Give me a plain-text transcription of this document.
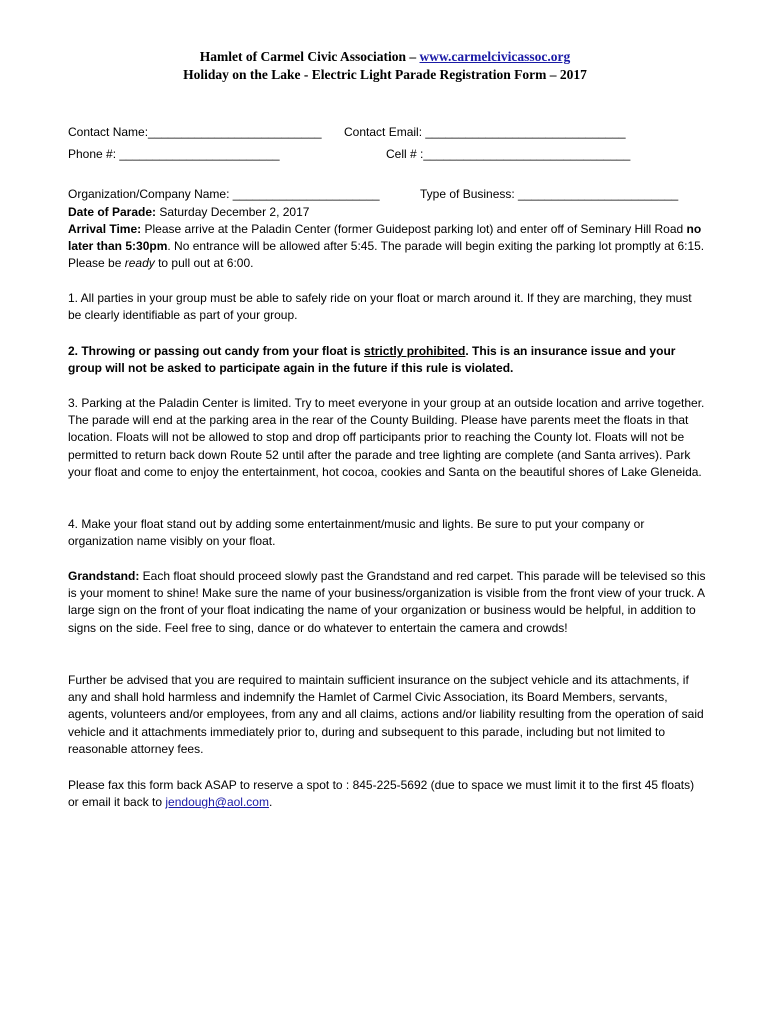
Hamlet of Carmel Civic Association – www.carmelcivicassoc.org
Holiday on the Lake - Electric Light Parade Registration Form – 2017
Contact Name:__________________________ Contact Email: ______________________________
Phone #: ________________________	Cell # :_______________________________
Organization/Company Name: ______________________	Type of Business: ________________________
Date of Parade: Saturday December 2, 2017
Arrival Time: Please arrive at the Paladin Center (former Guidepost parking lot) and enter off of Seminary Hill Road no later than 5:30pm. No entrance will be allowed after 5:45. The parade will begin exiting the parking lot promptly at 6:15. Please be ready to pull out at 6:00.
1. All parties in your group must be able to safely ride on your float or march around it. If they are marching, they must be clearly identifiable as part of your group.
2. Throwing or passing out candy from your float is strictly prohibited. This is an insurance issue and your group will not be asked to participate again in the future if this rule is violated.
3. Parking at the Paladin Center is limited. Try to meet everyone in your group at an outside location and arrive together. The parade will end at the parking area in the rear of the County Building. Please have parents meet the floats in that location. Floats will not be allowed to stop and drop off participants prior to reaching the County lot. Floats will not be permitted to return back down Route 52 until after the parade and tree lighting are complete (and Santa arrives). Park your float and come to enjoy the entertainment, hot cocoa, cookies and Santa on the beautiful shores of Lake Gleneida.
4. Make your float stand out by adding some entertainment/music and lights. Be sure to put your company or organization name visibly on your float.
Grandstand: Each float should proceed slowly past the Grandstand and red carpet. This parade will be televised so this is your moment to shine! Make sure the name of your business/organization is visible from the front view of your truck. A large sign on the front of your float indicating the name of your organization or business would be helpful, in addition to signs on the side. Feel free to sing, dance or do whatever to entertain the camera and crowds!
Further be advised that you are required to maintain sufficient insurance on the subject vehicle and its attachments, if any and shall hold harmless and indemnify the Hamlet of Carmel Civic Association, its Board Members, servants, agents, volunteers and/or employees, from any and all claims, actions and/or liability resulting from the operation of said vehicle and it attachments immediately prior to, during and subsequent to this parade, including but not limited to reasonable attorney fees.
Please fax this form back ASAP to reserve a spot to : 845-225-5692 (due to space we must limit it to the first 45 floats) or email it back to jendough@aol.com.
